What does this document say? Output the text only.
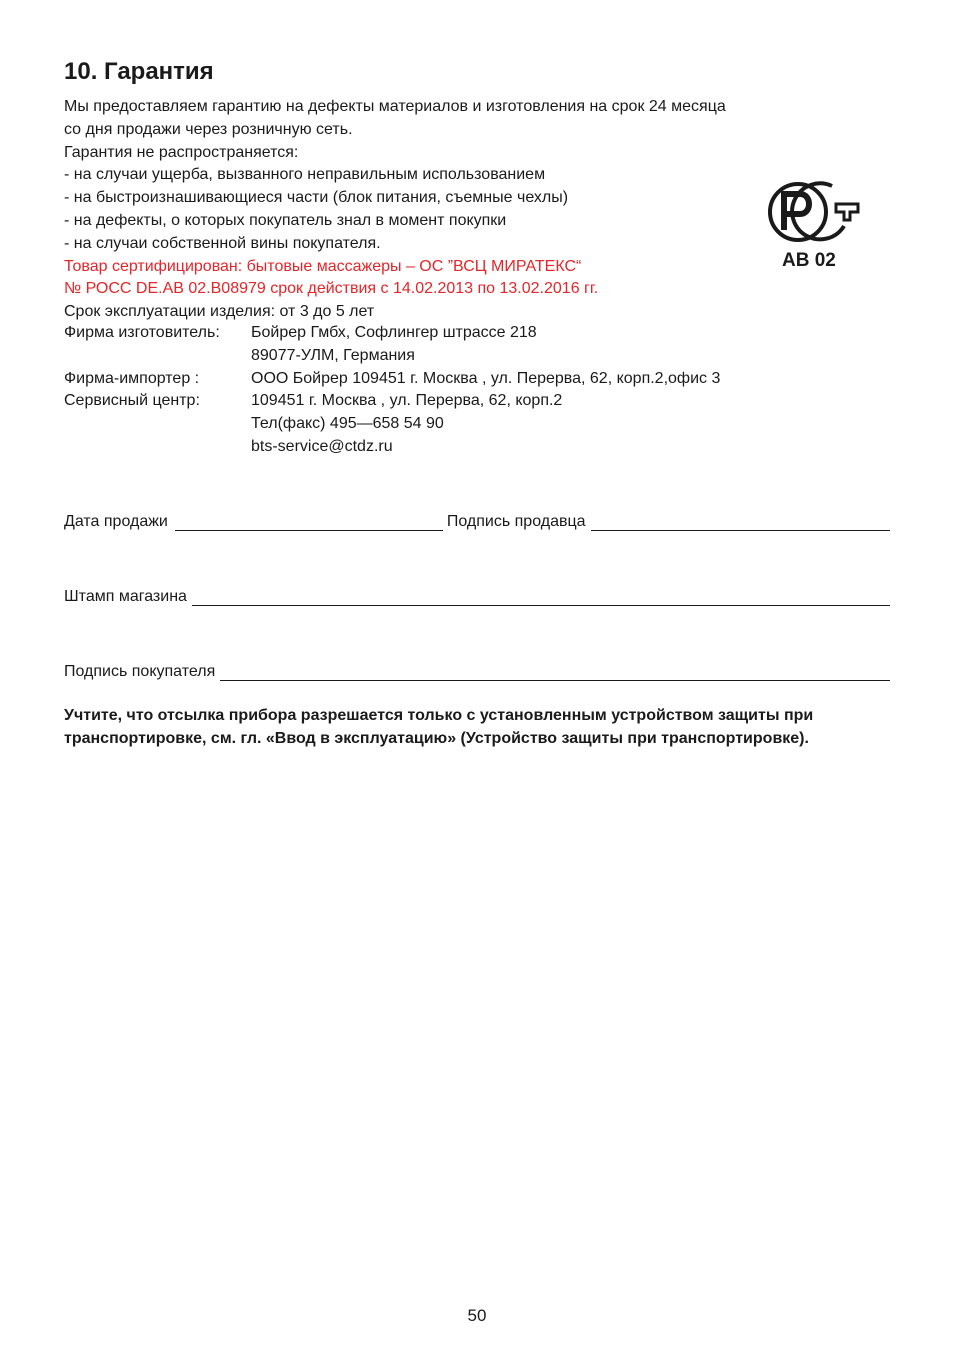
10. Гарантия
Мы предоставляем гарантию на дефекты материалов и изготовления на срок 24 месяца
со дня продажи через розничную сеть.
Гарантия не распространяется:
- на случаи ущерба, вызванного неправильным использованием
- на быстроизнашивающиеся части (блок питания, съемные чехлы)
- на дефекты, о которых покупатель знал в момент покупки
- на случаи собственной вины покупателя.
Товар сертифицирован: бытовые массажеры – ОС ”ВСЦ МИРАТЕКС“
№ РОСС DE.AB 02.B08979 срок действия с 14.02.2013 по 13.02.2016 гг.
Срок эксплуатации изделия: от 3 до 5 лет
Фирма изготовитель:	Бойрер Гмбх, Софлингер штрассе 218
89077-УЛМ, Германия
Фирма-импортер :	ООО Бойрер 109451 г. Москва , ул. Перерва, 62, корп.2,офис 3
Сервисный центр:	109451 г. Москва , ул. Перерва, 62, корп.2
Тел(факс) 495—658 54 90
bts-service@ctdz.ru
AB 02
Дата продажи	Подпись продавца
Штамп магазина
Подпись покупателя
Учтите, что отсылка прибора разрешается только с установленным устройством защиты при транспортировке, см. гл. «Ввод в эксплуатацию» (Устройство защиты при транспортировке).
50
